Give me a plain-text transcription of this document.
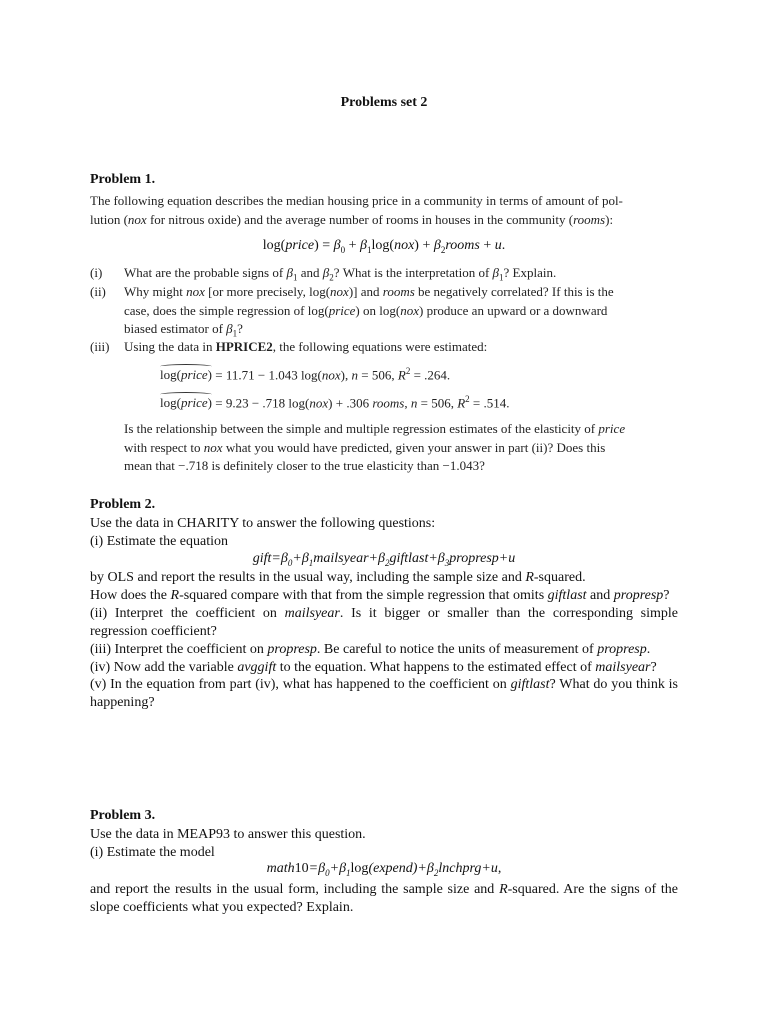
Problems set 2
Problem 1.
The following equation describes the median housing price in a community in terms of amount of pol-
lution (nox for nitrous oxide) and the average number of rooms in houses in the community (rooms):
log(price) = $\beta_0 + \beta_1\log(nox)$ + $\beta_2rooms + u$.
(i) What are the probable signs of $\beta_1$ and $\beta_2$? What is the interpretation of $\beta_1$? Explain.
(ii) Why might nox [or more precisely, log(nox)] and rooms be negatively correlated? If this is the
case, does the simple regression of log(price) on log(nox) produce an upward or a downward
biased estimator of $\beta_1$?
(iii) Using the data in HPRICE2, the following equations were estimated:
log(price) = 11.71 − 1.043 log(nox), n = 506, $R^2 = .264$.
log(price) = 9.23 − .718 log(nox) + .306 rooms, n = 506, $R^2 = .514$.
Is the relationship between the simple and multiple regression estimates of the elasticity of price
with respect to nox what you would have predicted, given your answer in part (ii)? Does this
mean that −.718 is definitely closer to the true elasticity than −1.043?
Problem 2.
Use the data in CHARITY to answer the following questions:
(i) Estimate the equation
$gift=\beta_0+\beta_1mailsyear+\beta_2giftlast+\beta_3propresp+u$
by OLS and report the results in the usual way, including the sample size and R-squared.
How does the R-squared compare with that from the simple regression that omits giftlast and propresp?
(ii) Interpret the coefficient on mailsyear. Is it bigger or smaller than the corresponding simple regression coefficient?
(iii) Interpret the coefficient on propresp. Be careful to notice the units of measurement of propresp.
(iv) Now add the variable avggift to the equation. What happens to the estimated effect of mailsyear?
(v) In the equation from part (iv), what has happened to the coefficient on giftlast? What do you think is happening?
Problem 3.
Use the data in MEAP93 to answer this question.
(i) Estimate the model
$math10=\beta_0+\beta_1\log(expend)+\beta_2lnchprg+u$,
and report the results in the usual form, including the sample size and R-squared. Are the signs of the slope coefficients what you expected? Explain.
